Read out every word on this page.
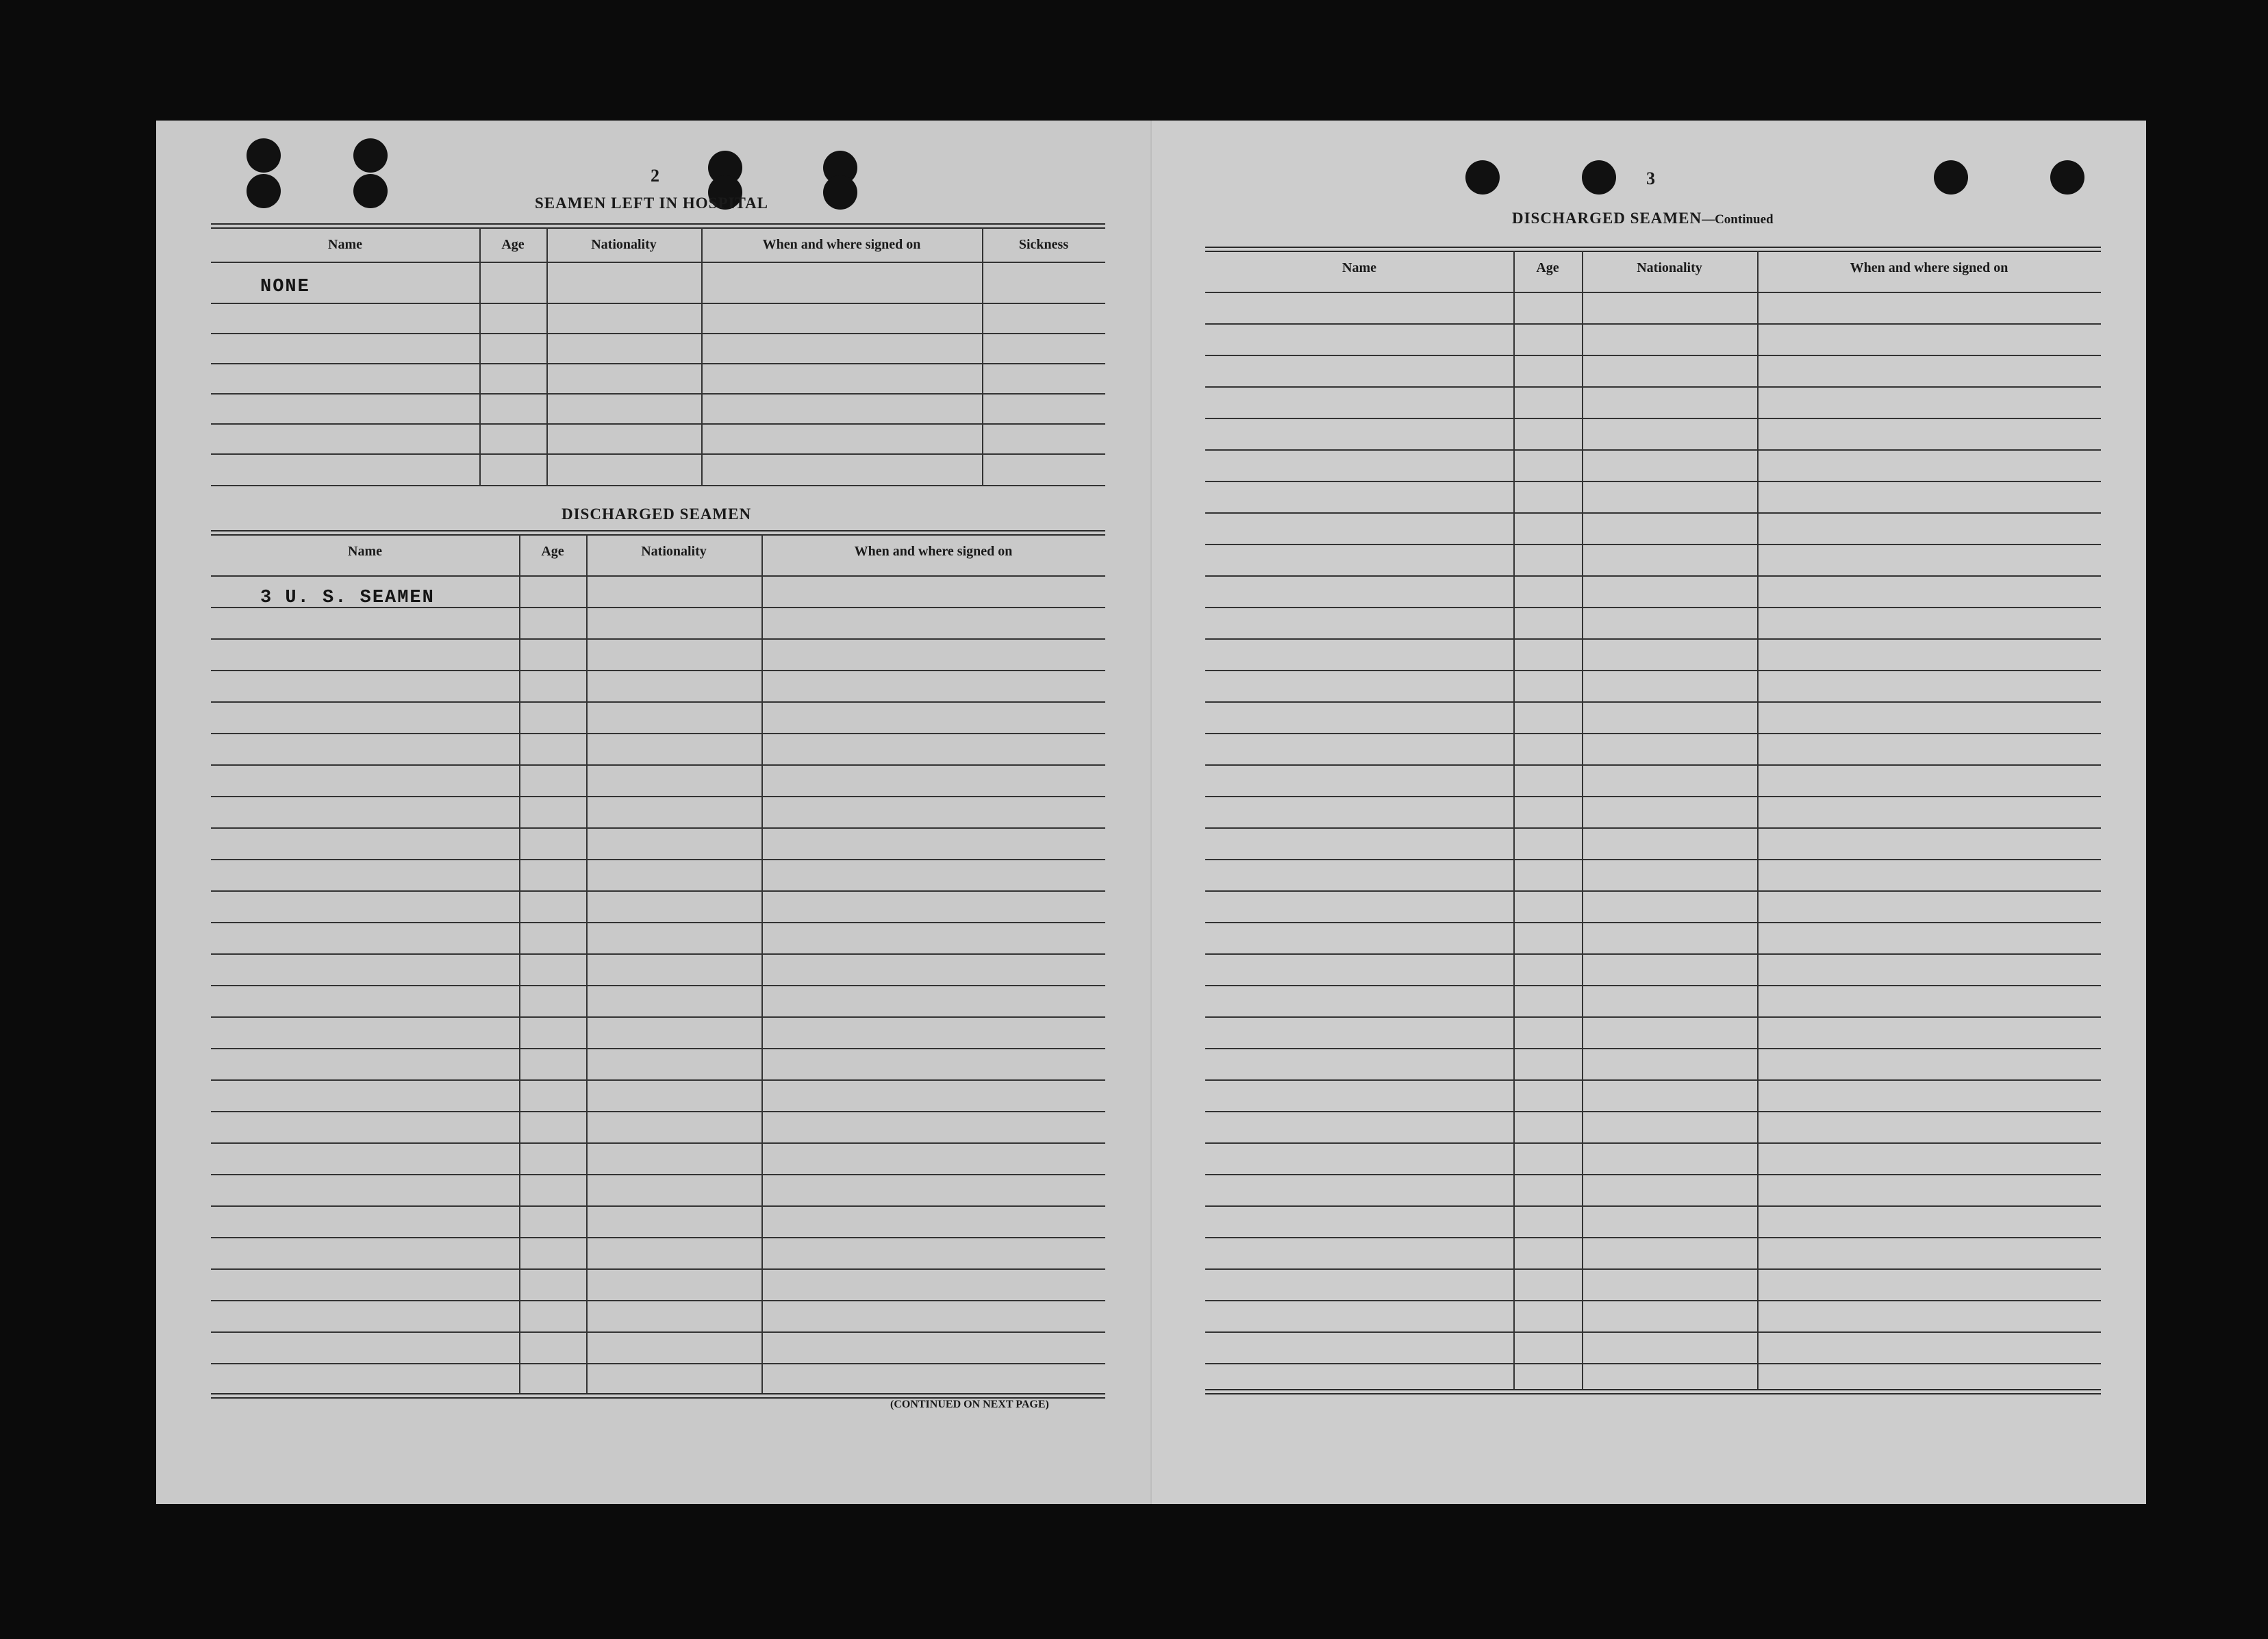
2
SEAMEN LEFT IN HOSPITAL
Name	Age	Nationality	When and where signed on	Sickness
NONE
DISCHARGED SEAMEN
Name	Age	Nationality	When and where signed on
3 U. S. SEAMEN
(CONTINUED ON NEXT PAGE)
3
DISCHARGED SEAMEN—Continued
Name	Age	Nationality	When and where signed on
